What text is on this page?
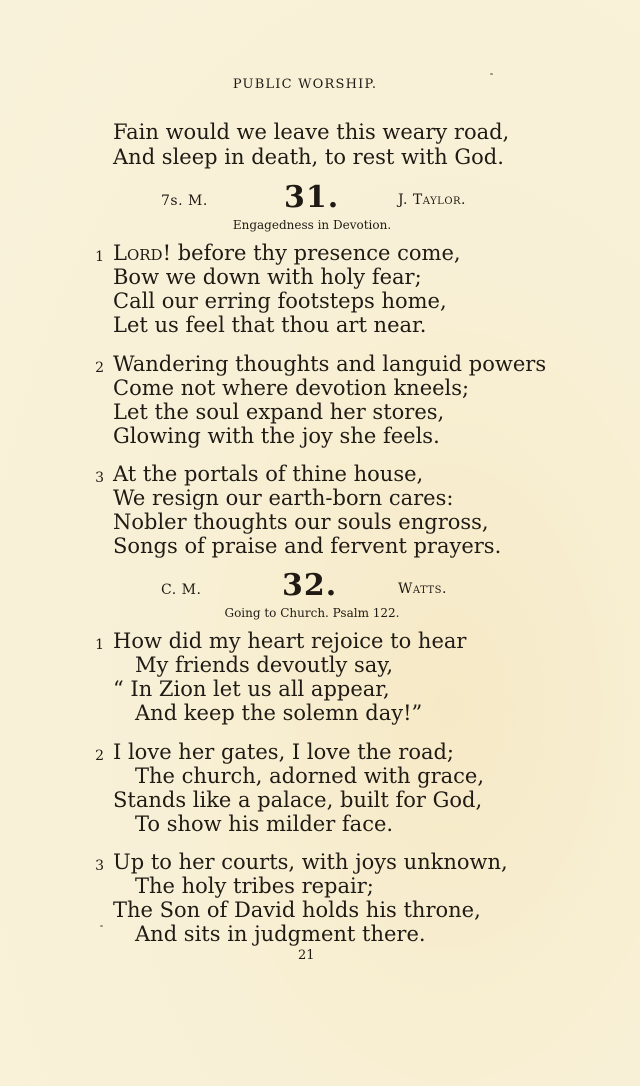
PUBLIC WORSHIP.
Fain would we leave this weary road,
And sleep in death, to rest with God.
7s. M.	31.	J. Taylor.
Engagedness in Devotion.
1 Lord! before thy presence come,
Bow we down with holy fear;
Call our erring footsteps home,
Let us feel that thou art near.
2 Wandering thoughts and languid powers
Come not where devotion kneels;
Let the soul expand her stores,
Glowing with the joy she feels.
3 At the portals of thine house,
We resign our earth-born cares:
Nobler thoughts our souls engross,
Songs of praise and fervent prayers.
C. M.	32.	Watts.
Going to Church. Psalm 122.
1 How did my heart rejoice to hear
My friends devoutly say,
“ In Zion let us all appear,
And keep the solemn day!”
2 I love her gates, I love the road;
The church, adorned with grace,
Stands like a palace, built for God,
To show his milder face.
3 Up to her courts, with joys unknown,
The holy tribes repair;
The Son of David holds his throne,
And sits in judgment there.
21
